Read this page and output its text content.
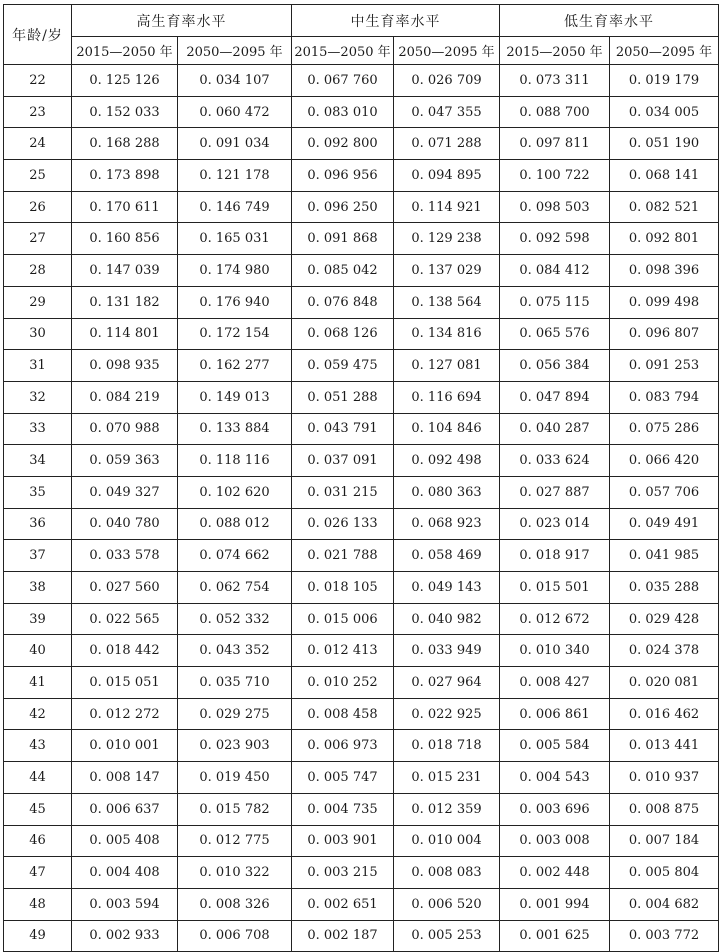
年龄/岁	高生育率水平		中生育率水平		低生育率水平	
	2015—2050 年	2050—2095 年	2015—2050 年	2050—2095 年	2015—2050 年	2050—2095 年
22	0. 125 126	0. 034 107	0. 067 760	0. 026 709	0. 073 311	0. 019 179
23	0. 152 033	0. 060 472	0. 083 010	0. 047 355	0. 088 700	0. 034 005
24	0. 168 288	0. 091 034	0. 092 800	0. 071 288	0. 097 811	0. 051 190
25	0. 173 898	0. 121 178	0. 096 956	0. 094 895	0. 100 722	0. 068 141
26	0. 170 611	0. 146 749	0. 096 250	0. 114 921	0. 098 503	0. 082 521
27	0. 160 856	0. 165 031	0. 091 868	0. 129 238	0. 092 598	0. 092 801
28	0. 147 039	0. 174 980	0. 085 042	0. 137 029	0. 084 412	0. 098 396
29	0. 131 182	0. 176 940	0. 076 848	0. 138 564	0. 075 115	0. 099 498
30	0. 114 801	0. 172 154	0. 068 126	0. 134 816	0. 065 576	0. 096 807
31	0. 098 935	0. 162 277	0. 059 475	0. 127 081	0. 056 384	0. 091 253
32	0. 084 219	0. 149 013	0. 051 288	0. 116 694	0. 047 894	0. 083 794
33	0. 070 988	0. 133 884	0. 043 791	0. 104 846	0. 040 287	0. 075 286
34	0. 059 363	0. 118 116	0. 037 091	0. 092 498	0. 033 624	0. 066 420
35	0. 049 327	0. 102 620	0. 031 215	0. 080 363	0. 027 887	0. 057 706
36	0. 040 780	0. 088 012	0. 026 133	0. 068 923	0. 023 014	0. 049 491
37	0. 033 578	0. 074 662	0. 021 788	0. 058 469	0. 018 917	0. 041 985
38	0. 027 560	0. 062 754	0. 018 105	0. 049 143	0. 015 501	0. 035 288
39	0. 022 565	0. 052 332	0. 015 006	0. 040 982	0. 012 672	0. 029 428
40	0. 018 442	0. 043 352	0. 012 413	0. 033 949	0. 010 340	0. 024 378
41	0. 015 051	0. 035 710	0. 010 252	0. 027 964	0. 008 427	0. 020 081
42	0. 012 272	0. 029 275	0. 008 458	0. 022 925	0. 006 861	0. 016 462
43	0. 010 001	0. 023 903	0. 006 973	0. 018 718	0. 005 584	0. 013 441
44	0. 008 147	0. 019 450	0. 005 747	0. 015 231	0. 004 543	0. 010 937
45	0. 006 637	0. 015 782	0. 004 735	0. 012 359	0. 003 696	0. 008 875
46	0. 005 408	0. 012 775	0. 003 901	0. 010 004	0. 003 008	0. 007 184
47	0. 004 408	0. 010 322	0. 003 215	0. 008 083	0. 002 448	0. 005 804
48	0. 003 594	0. 008 326	0. 002 651	0. 006 520	0. 001 994	0. 004 682
49	0. 002 933	0. 006 708	0. 002 187	0. 005 253	0. 001 625	0. 003 772
